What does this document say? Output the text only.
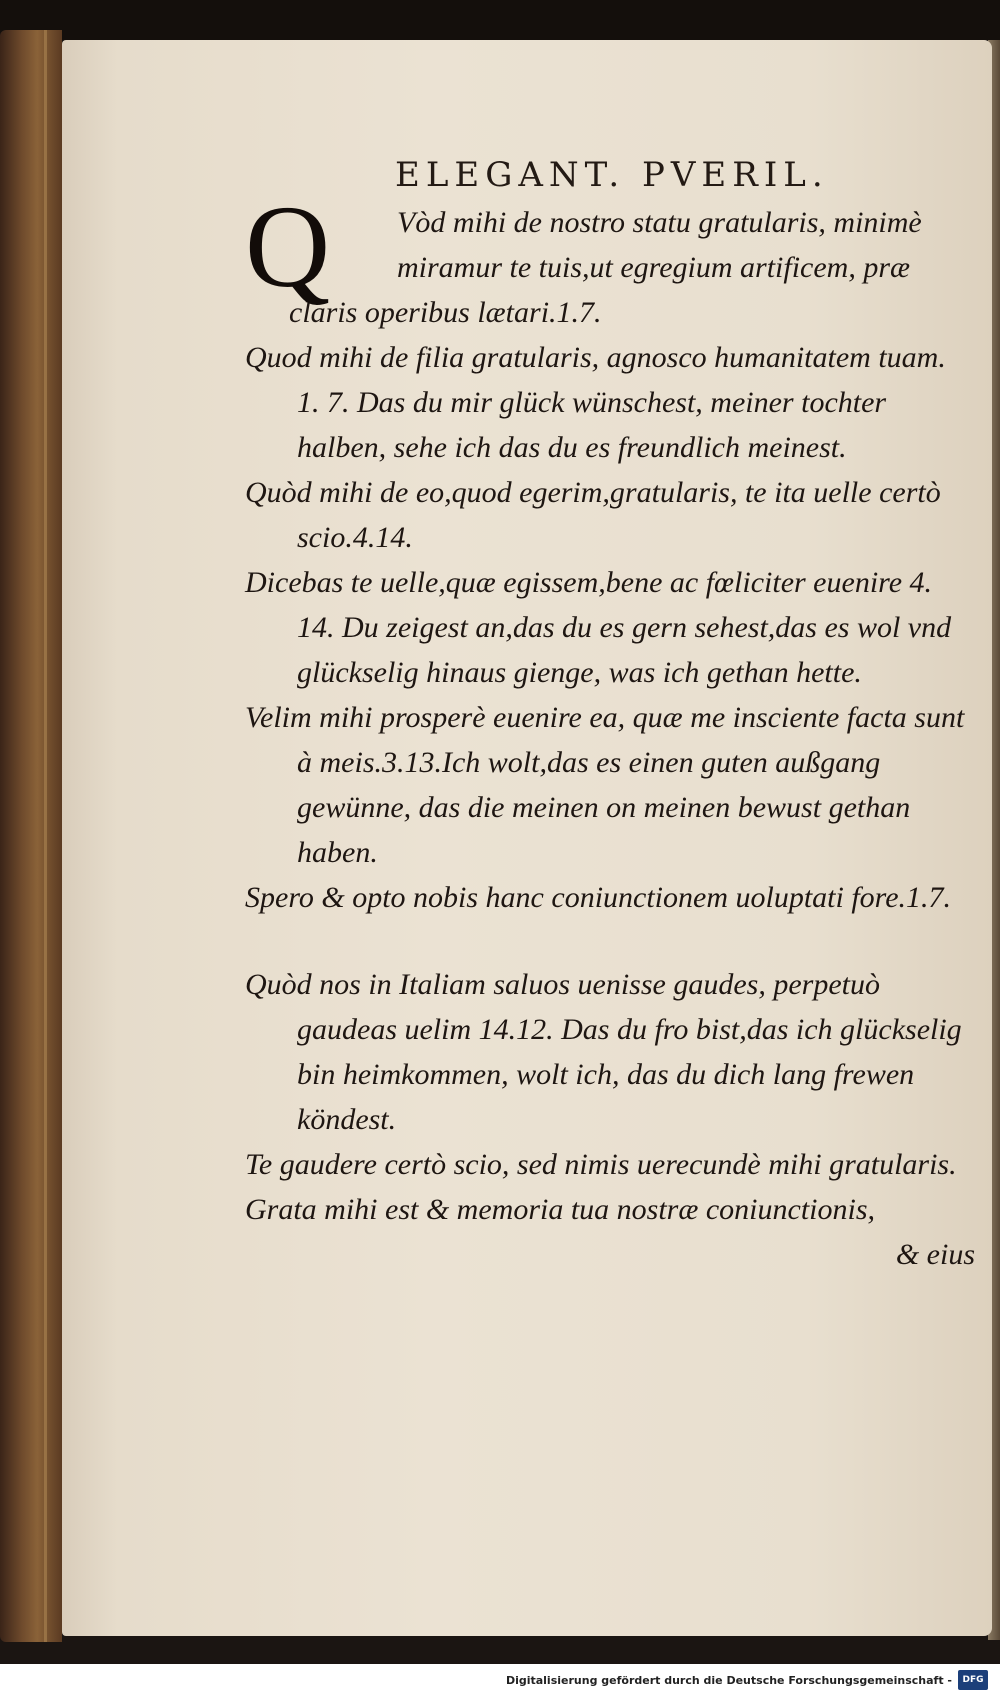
ELEGANT. PVERIL.
Q	Vòd mihi de nostro statu gratularis, minimè
miramur te tuis,ut egregium artificem, præ
claris operibus lætari.1.7.
Quod mihi de filia gratularis, agnosco humanitatem tuam. 1. 7. Das du mir glück wünschest, meiner tochter halben, sehe ich das du es freundlich meinest.
Quòd mihi de eo,quod egerim,gratularis, te ita uelle certò scio.4.14.
Dicebas te uelle,quæ egissem,bene ac fœliciter euenire 4. 14. Du zeigest an,das du es gern sehest,das es wol vnd glückselig hinaus gienge, was ich gethan hette.
Velim mihi prosperè euenire ea, quæ me insciente facta sunt à meis.3.13.Ich wolt,das es einen guten außgang gewünne, das die meinen on meinen bewust gethan haben.
Spero & opto nobis hanc coniunctionem uoluptati fore.1.7.
Quòd nos in Italiam saluos uenisse gaudes, perpetuò gaudeas uelim 14.12. Das du fro bist,das ich glückselig bin heimkommen, wolt ich, das du dich lang frewen köndest.
Te gaudere certò scio, sed nimis uerecundè mihi gratularis.
Grata mihi est & memoria tua nostræ coniunctionis,
& eius
Digitalisierung gefördert durch die Deutsche Forschungsgemeinschaft -	DFG
